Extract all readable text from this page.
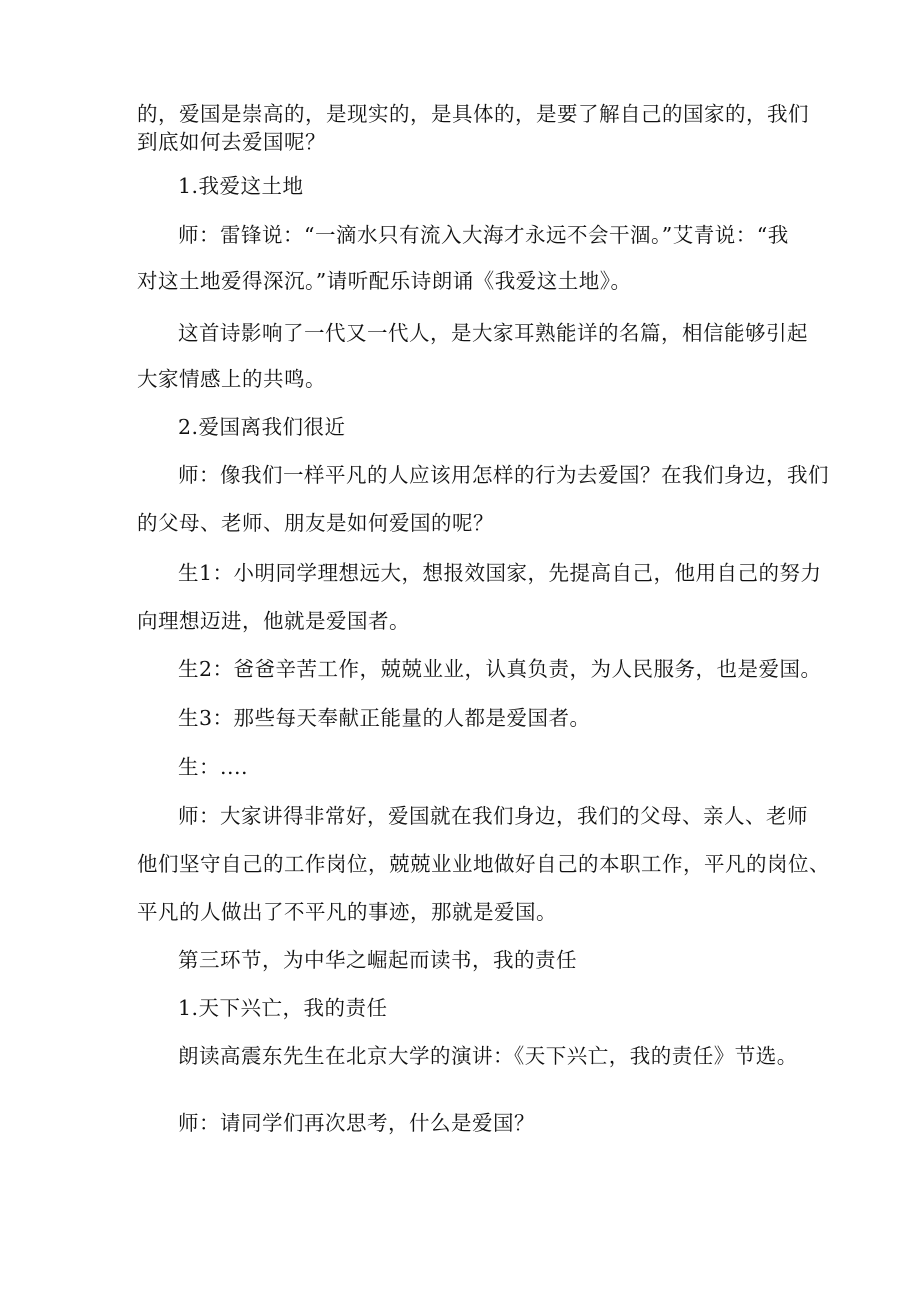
的，爱国是崇高的，是现实的，是具体的，是要了解自己的国家的，我们
到底如何去爱国呢？
1.我爱这土地
师：雷锋说：“一滴水只有流入大海才永远不会干涸。”艾青说：“我
对这土地爱得深沉。”请听配乐诗朗诵《我爱这土地》。
这首诗影响了一代又一代人，是大家耳熟能详的名篇，相信能够引起
大家情感上的共鸣。
2.爱国离我们很近
师：像我们一样平凡的人应该用怎样的行为去爱国？在我们身边，我们
的父母、老师、朋友是如何爱国的呢？
生1：小明同学理想远大，想报效国家，先提高自己，他用自己的努力
向理想迈进，他就是爱国者。
生2：爸爸辛苦工作，兢兢业业，认真负责，为人民服务，也是爱国。
生3：那些每天奉献正能量的人都是爱国者。
生：....
师：大家讲得非常好，爱国就在我们身边，我们的父母、亲人、老师
他们坚守自己的工作岗位，兢兢业业地做好自己的本职工作，平凡的岗位、
平凡的人做出了不平凡的事迹，那就是爱国。
第三环节，为中华之崛起而读书，我的责任
1.天下兴亡，我的责任
朗读高震东先生在北京大学的演讲：《天下兴亡，我的责任》节选。
师：请同学们再次思考，什么是爱国？
